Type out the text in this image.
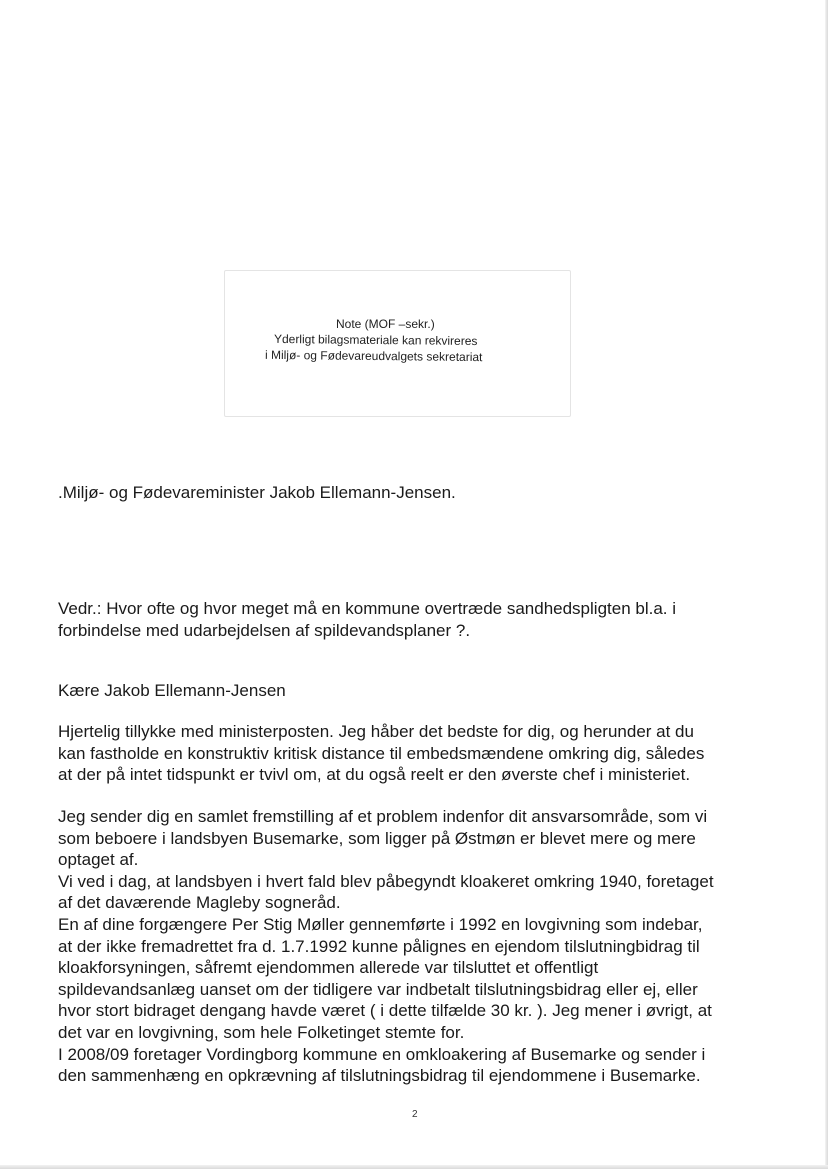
Note (MOF –sekr.)
Yderligt bilagsmateriale kan rekvireres
i Miljø- og Fødevareudvalgets sekretariat
.Miljø- og Fødevareminister Jakob Ellemann-Jensen.
Vedr.: Hvor ofte og hvor meget må en kommune overtræde sandhedspligten bl.a. i
forbindelse med udarbejdelsen af spildevandsplaner ?.
Kære Jakob Ellemann-Jensen
Hjertelig tillykke med ministerposten. Jeg håber det bedste for dig, og herunder at du
kan fastholde en konstruktiv kritisk distance til embedsmændene omkring dig, således
at der på intet tidspunkt er tvivl om, at du også reelt er den øverste chef i ministeriet.
Jeg sender dig en samlet fremstilling af et problem indenfor dit ansvarsområde, som vi
som beboere i landsbyen Busemarke, som ligger på Østmøn er blevet mere og mere
optaget af.
Vi ved i dag, at landsbyen i hvert fald blev påbegyndt kloakeret omkring 1940, foretaget
af det daværende Magleby sogneråd.
En af dine forgængere Per Stig Møller gennemførte i 1992 en lovgivning som indebar,
at der ikke fremadrettet fra d. 1.7.1992 kunne pålignes en ejendom tilslutningbidrag til
kloakforsyningen, såfremt ejendommen allerede var tilsluttet et offentligt
spildevandsanlæg uanset om der tidligere var indbetalt tilslutningsbidrag eller ej, eller
hvor stort bidraget dengang havde været ( i dette tilfælde 30 kr. ). Jeg mener i øvrigt, at
det var en lovgivning, som hele Folketinget stemte for.
I 2008/09 foretager Vordingborg kommune en omkloakering af Busemarke og sender i
den sammenhæng en opkrævning af tilslutningsbidrag til ejendommene i Busemarke.
2
